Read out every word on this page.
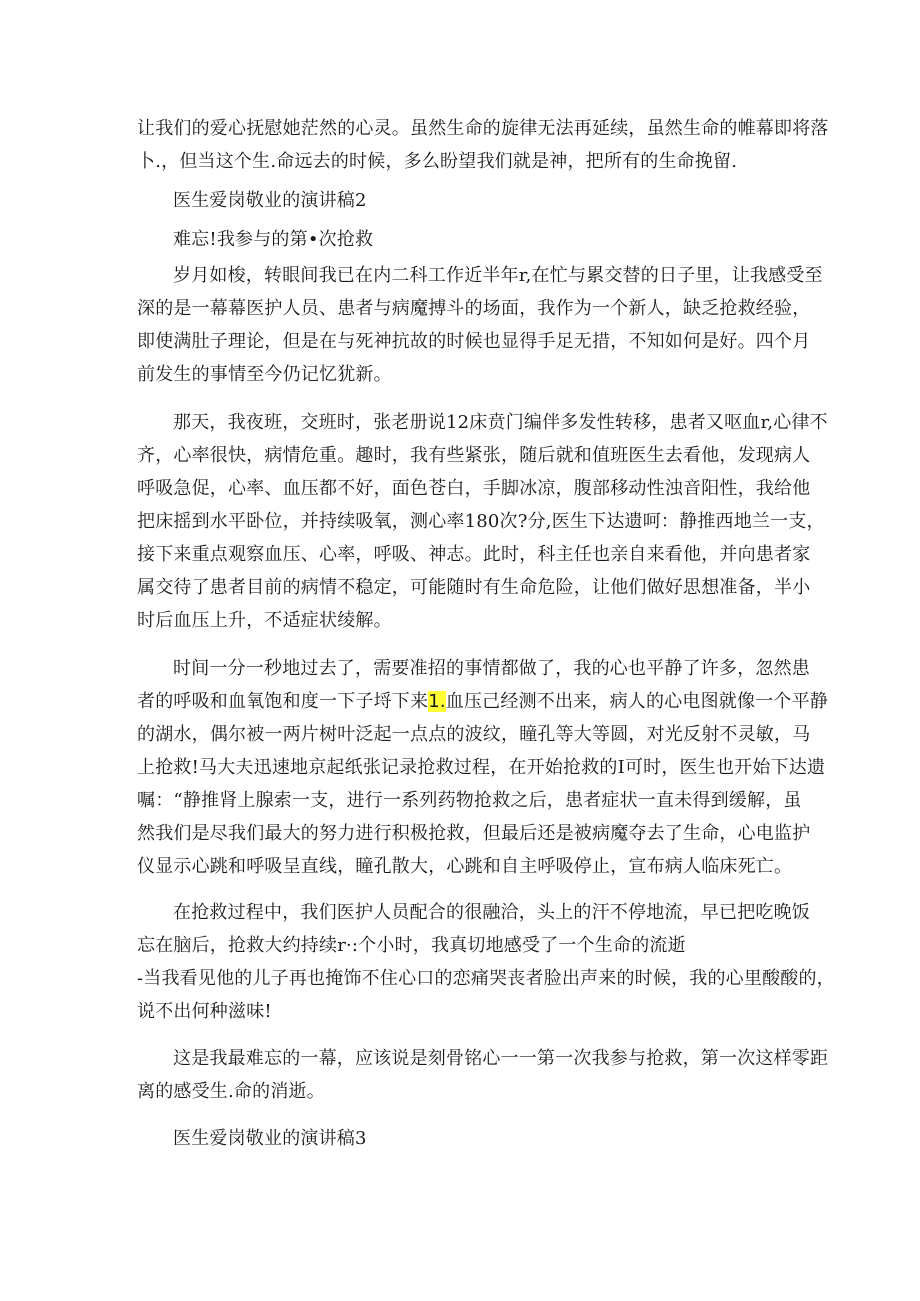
让我们的爱心抚慰她茫然的心灵。虽然生命的旋律无法再延续，虽然生命的帷幕即将落
卜.，但当这个生.命远去的时候，多么盼望我们就是神，把所有的生命挽留.
医生爱岗敬业的演讲稿2
难忘!我参与的第•次抢救
岁月如梭，转眼间我已在内二科工作近半年r,在忙与累交替的日子里，让我感受至
深的是一幕幕医护人员、患者与病魔搏斗的场面，我作为一个新人，缺乏抢救经验，
即使满肚子理论，但是在与死神抗故的时候也显得手足无措，不知如何是好。四个月
前发生的事情至今仍记忆犹新。
那天，我夜班，交班时，张老册说12床贲门编伴多发性转移，患者又呕血r,心律不
齐，心率很快，病情危重。趣时，我有些紧张，随后就和值班医生去看他，发现病人
呼吸急促，心率、血压都不好，面色苍白，手脚冰凉，腹部移动性浊音阳性，我给他
把床摇到水平卧位，并持续吸氧，测心率180次?分,医生下达遗呵：静推西地兰一支，
接下来重点观察血压、心率，呼吸、神志。此时，科主任也亲自来看他，并向患者家
属交待了患者目前的病情不稳定，可能随时有生命危险，让他们做好思想准备，半小
时后血压上升，不适症状绫解。
时间一分一秒地过去了，需要准招的事情都做了，我的心也平静了许多，忽然患
者的呼吸和血氧饱和度一下子埒下来1.血压己经测不出来，病人的心电图就像一个平静
的湖水，偶尔被一两片树叶泛起一点点的波纹，瞳孔等大等圆，对光反射不灵敏，马
上抢救!马大夫迅速地京起纸张记录抢救过程，在开始抢救的I可时，医生也开始下达遗
嘱：“静推肾上腺索一支，进行一系列药物抢救之后，患者症状一直未得到缓解，虽
然我们是尽我们最大的努力进行积极抢救，但最后还是被病魔夺去了生命，心电监护
仪显示心跳和呼吸呈直线，瞳孔散大，心跳和自主呼吸停止，宣布病人临床死亡。
在抢救过程中，我们医护人员配合的很融洽，头上的汗不停地流，早已把吃晚饭
忘在脑后，抢救大约持续r·:个小时，我真切地感受了一个生命的流逝
-当我看见他的儿子再也掩饰不住心口的恋痛哭丧者脸出声来的时候，我的心里酸酸的，
说不出何种滋味!
这是我最难忘的一幕，应该说是刻骨铭心一一第一次我参与抢救，第一次这样零距
离的感受生.命的消逝。
医生爱岗敬业的演讲稿3
